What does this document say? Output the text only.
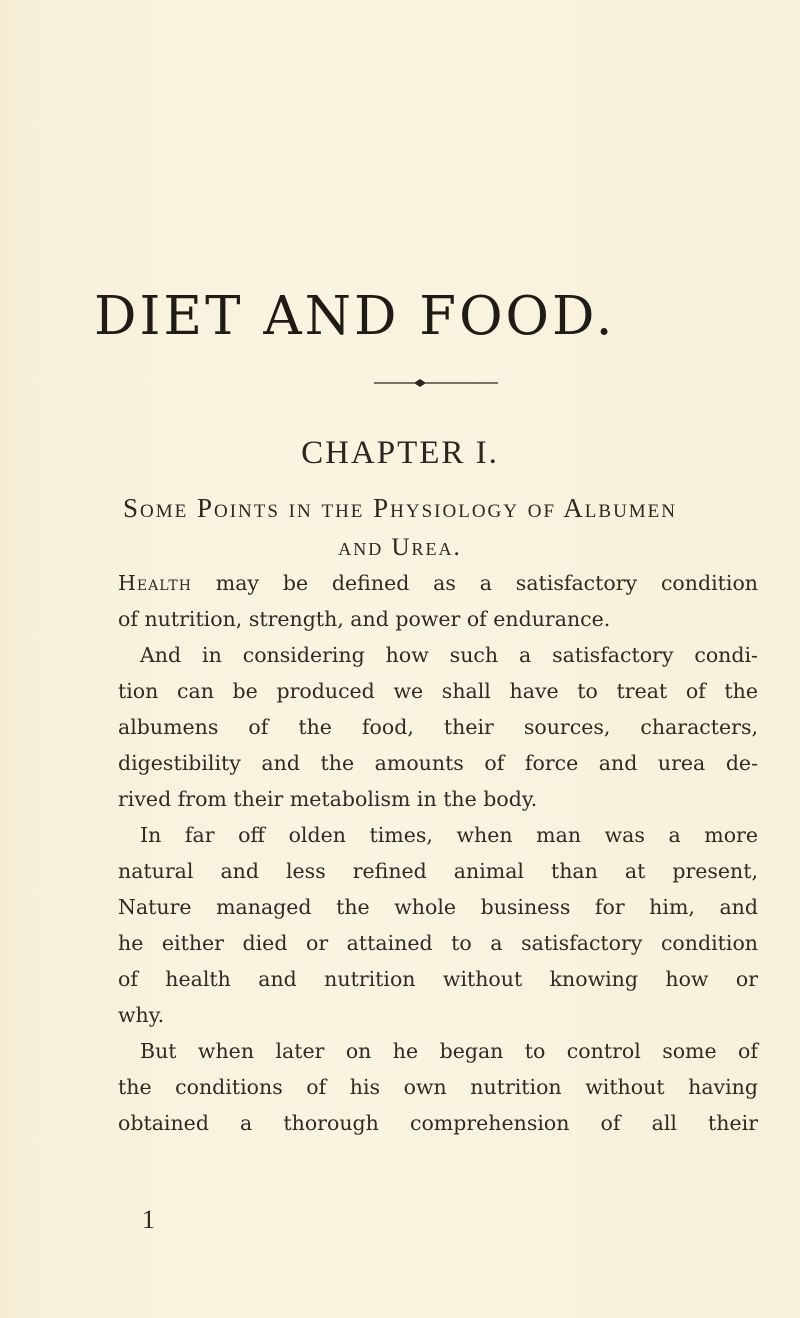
DIET AND FOOD.
CHAPTER I.
Some Points in the Physiology of Albumen
and Urea.
Health may be defined as a satisfactory condition
of nutrition, strength, and power of endurance.
And in considering how such a satisfactory condi-
tion can be produced we shall have to treat of the
albumens of the food, their sources, characters,
digestibility and the amounts of force and urea de-
rived from their metabolism in the body.
In far off olden times, when man was a more
natural and less refined animal than at present,
Nature managed the whole business for him, and
he either died or attained to a satisfactory condition
of health and nutrition without knowing how or
why.
But when later on he began to control some of
the conditions of his own nutrition without having
obtained a thorough comprehension of all their
1
